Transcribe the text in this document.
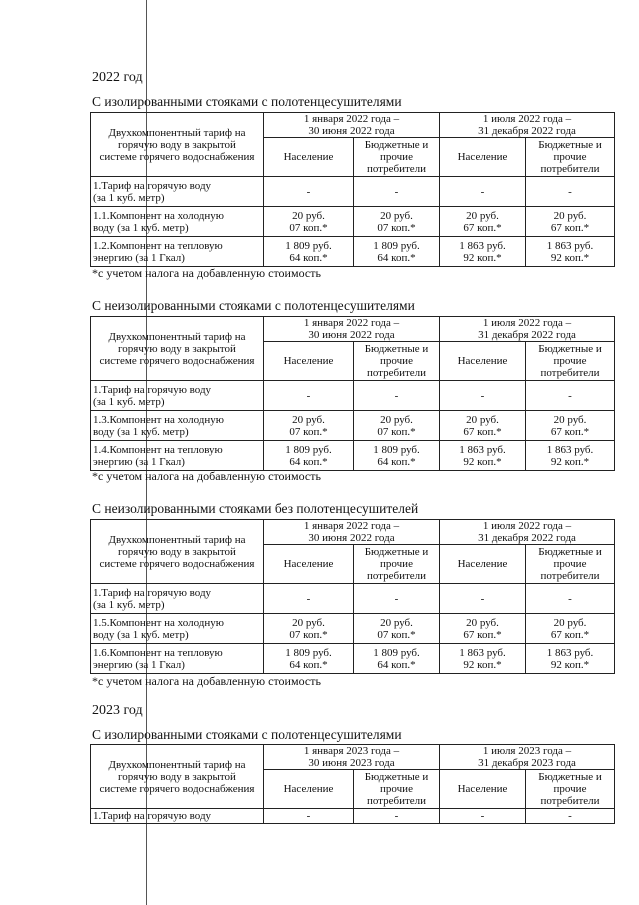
2022 год
С изолированными стояками с полотенцесушителями
Двухкомпонентный тариф на
горячую воду в закрытой
системе горячего водоснабжения	1 января 2022 года –
30 июня 2022 года		1 июля 2022 года –
31 декабря 2022 года	

	Население	Бюджетные и
прочие
потребители	Население	Бюджетные и
прочие
потребители

1.Тариф на горячую воду
(за 1 куб. метр)	-	-	-	-

1.1.Компонент на холодную
воду (за 1 куб. метр)	20 руб.
07 коп.*	20 руб.
07 коп.*	20 руб.
67 коп.*	20 руб.
67 коп.*

1.2.Компонент на тепловую
энергию (за 1 Гкал)	1 809 руб.
64 коп.*	1 809 руб.
64 коп.*	1 863 руб.
92 коп.*	1 863 руб.
92 коп.*
*с учетом налога на добавленную стоимость
С неизолированными стояками с полотенцесушителями
Двухкомпонентный тариф на
горячую воду в закрытой
системе горячего водоснабжения	1 января 2022 года –
30 июня 2022 года		1 июля 2022 года –
31 декабря 2022 года	

	Население	Бюджетные и
прочие
потребители	Население	Бюджетные и
прочие
потребители

1.Тариф на горячую воду
(за 1 куб. метр)	-	-	-	-

1.3.Компонент на холодную
воду (за 1 куб. метр)	20 руб.
07 коп.*	20 руб.
07 коп.*	20 руб.
67 коп.*	20 руб.
67 коп.*

1.4.Компонент на тепловую
энергию (за 1 Гкал)	1 809 руб.
64 коп.*	1 809 руб.
64 коп.*	1 863 руб.
92 коп.*	1 863 руб.
92 коп.*
*с учетом налога на добавленную стоимость
С неизолированными стояками без полотенцесушителей
Двухкомпонентный тариф на
горячую воду в закрытой
системе горячего водоснабжения	1 января 2022 года –
30 июня 2022 года		1 июля 2022 года –
31 декабря 2022 года	

	Население	Бюджетные и
прочие
потребители	Население	Бюджетные и
прочие
потребители

1.Тариф на горячую воду
(за 1 куб. метр)	-	-	-	-

1.5.Компонент на холодную
воду (за 1 куб. метр)	20 руб.
07 коп.*	20 руб.
07 коп.*	20 руб.
67 коп.*	20 руб.
67 коп.*

1.6.Компонент на тепловую
энергию (за 1 Гкал)	1 809 руб.
64 коп.*	1 809 руб.
64 коп.*	1 863 руб.
92 коп.*	1 863 руб.
92 коп.*
*с учетом налога на добавленную стоимость
2023 год
С изолированными стояками с полотенцесушителями
Двухкомпонентный тариф на
горячую воду в закрытой
системе горячего водоснабжения	1 января 2023 года –
30 июня 2023 года		1 июля 2023 года –
31 декабря 2023 года	

	Население	Бюджетные и
прочие
потребители	Население	Бюджетные и
прочие
потребители

1.Тариф на горячую воду	-	-	-	-
